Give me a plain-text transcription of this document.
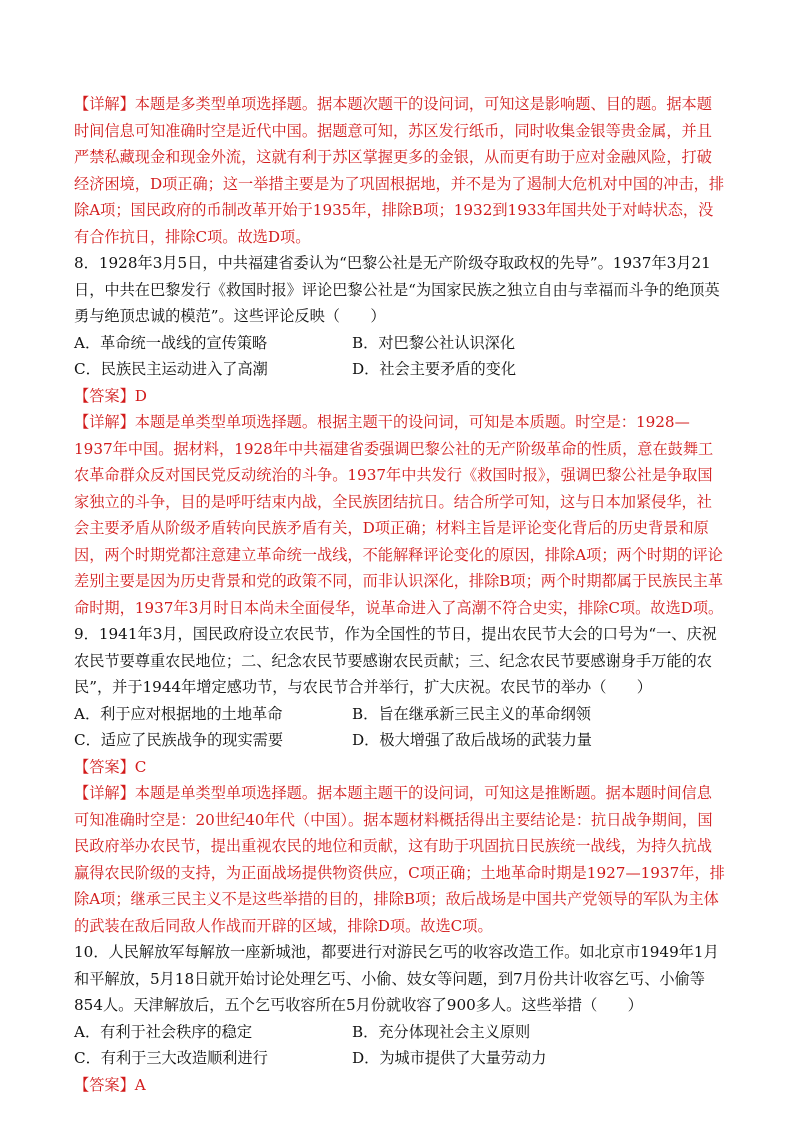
【详解】本题是多类型单项选择题。据本题次题干的设问词，可知这是影响题、目的题。据本题时间信息可知准确时空是近代中国。据题意可知，苏区发行纸币，同时收集金银等贵金属，并且严禁私藏现金和现金外流，这就有利于苏区掌握更多的金银，从而更有助于应对金融风险，打破经济困境，D项正确；这一举措主要是为了巩固根据地，并不是为了遏制大危机对中国的冲击，排除A项；国民政府的币制改革开始于1935年，排除B项；1932到1933年国共处于对峙状态，没有合作抗日，排除C项。故选D项。

8．1928年3月5日，中共福建省委认为“巴黎公社是无产阶级夺取政权的先导”。1937年3月21日，中共在巴黎发行《救国时报》评论巴黎公社是“为国家民族之独立自由与幸福而斗争的绝顶英勇与绝顶忠诚的模范”。这些评论反映（　　）

A．革命统一战线的宣传策略	B．对巴黎公社认识深化
C．民族民主运动进入了高潮	D．社会主要矛盾的变化

【答案】D

【详解】本题是单类型单项选择题。根据主题干的设问词，可知是本质题。时空是：1928—1937年中国。据材料，1928年中共福建省委强调巴黎公社的无产阶级革命的性质，意在鼓舞工农革命群众反对国民党反动统治的斗争。1937年中共发行《救国时报》，强调巴黎公社是争取国家独立的斗争，目的是呼吁结束内战，全民族团结抗日。结合所学可知，这与日本加紧侵华，社会主要矛盾从阶级矛盾转向民族矛盾有关，D项正确；材料主旨是评论变化背后的历史背景和原因，两个时期党都注意建立革命统一战线，不能解释评论变化的原因，排除A项；两个时期的评论差别主要是因为历史背景和党的政策不同，而非认识深化，排除B项；两个时期都属于民族民主革命时期，1937年3月时日本尚未全面侵华，说革命进入了高潮不符合史实，排除C项。故选D项。

9．1941年3月，国民政府设立农民节，作为全国性的节日，提出农民节大会的口号为“一、庆祝农民节要尊重农民地位；二、纪念农民节要感谢农民贡献；三、纪念农民节要感谢身手万能的农民”，并于1944年增定感功节，与农民节合并举行，扩大庆祝。农民节的举办（　　）

A．利于应对根据地的土地革命	B．旨在继承新三民主义的革命纲领
C．适应了民族战争的现实需要	D．极大增强了敌后战场的武装力量

【答案】C

【详解】本题是单类型单项选择题。据本题主题干的设问词，可知这是推断题。据本题时间信息可知准确时空是：20世纪40年代（中国）。据本题材料概括得出主要结论是：抗日战争期间，国民政府举办农民节，提出重视农民的地位和贡献，这有助于巩固抗日民族统一战线，为持久抗战赢得农民阶级的支持，为正面战场提供物资供应，C项正确；土地革命时期是1927—1937年，排除A项；继承三民主义不是这些举措的目的，排除B项；敌后战场是中国共产党领导的军队为主体的武装在敌后同敌人作战而开辟的区域，排除D项。故选C项。

10．人民解放军每解放一座新城池，都要进行对游民乞丐的收容改造工作。如北京市1949年1月和平解放，5月18日就开始讨论处理乞丐、小偷、妓女等问题，到7月份共计收容乞丐、小偷等854人。天津解放后，五个乞丐收容所在5月份就收容了900多人。这些举措（　　）

A．有利于社会秩序的稳定	B．充分体现社会主义原则
C．有利于三大改造顺利进行	D．为城市提供了大量劳动力

【答案】A
